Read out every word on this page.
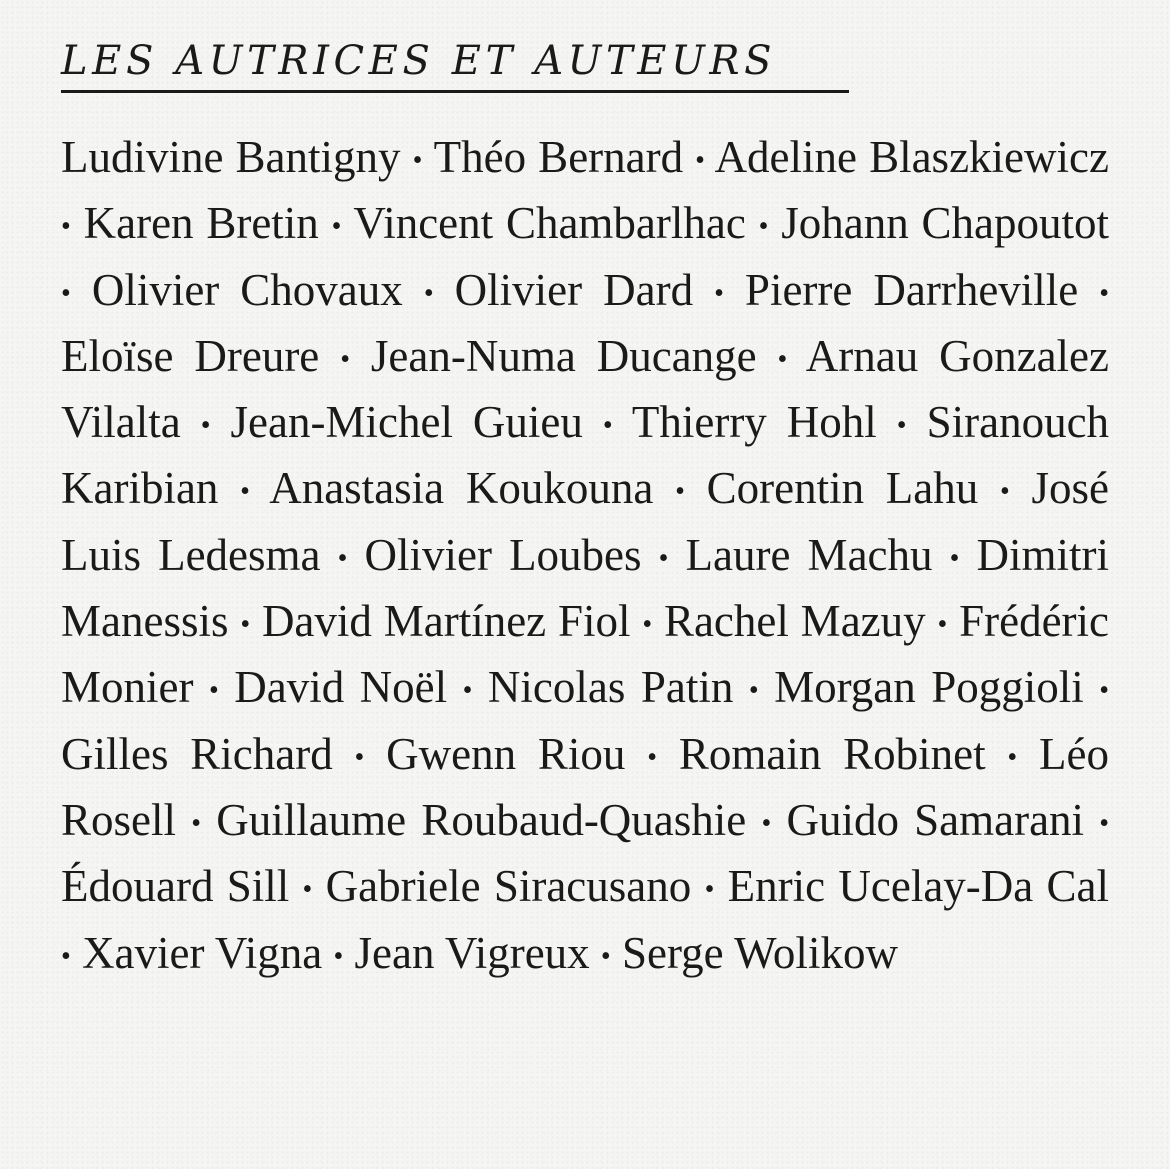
LES AUTRICES ET AUTEURS
Ludivine Bantigny • Théo Bernard • Adeline Blaszkiewicz • Karen Bretin • Vincent Chambarlhac • Johann Chapoutot • Olivier Chovaux • Olivier Dard • Pierre Darrheville • Eloïse Dreure • Jean-Numa Ducange • Arnau Gonzalez Vilalta • Jean-Michel Guieu • Thierry Hohl • Siranouch Karibian • Anastasia Koukouna • Corentin Lahu • José Luis Ledesma • Olivier Loubes • Laure Machu • Dimitri Manessis • David Martínez Fiol • Rachel Mazuy • Frédéric Monier • David Noël • Nicolas Patin • Morgan Poggioli • Gilles Richard • Gwenn Riou • Romain Robinet • Léo Rosell • Guillaume Roubaud-Quashie • Guido Samarani • Édouard Sill • Gabriele Siracusano • Enric Ucelay-Da Cal • Xavier Vigna • Jean Vigreux • Serge Wolikow
